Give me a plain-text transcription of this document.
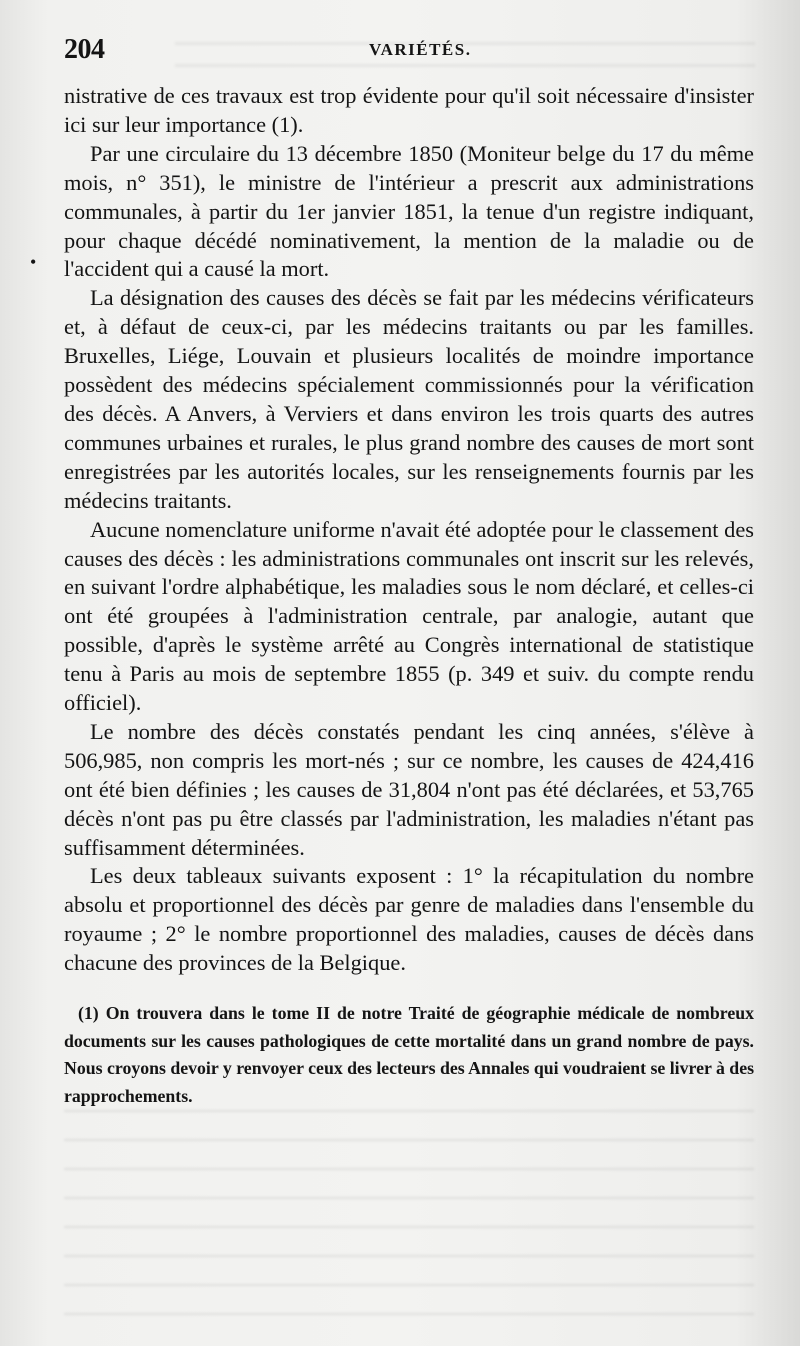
204	VARIÉTÉS.
•

nistrative de ces travaux est trop évidente pour qu'il soit nécessaire d'insister ici sur leur importance (1).

Par une circulaire du 13 décembre 1850 (Moniteur belge du 17 du même mois, n° 351), le ministre de l'intérieur a prescrit aux administrations communales, à partir du 1er janvier 1851, la tenue d'un registre indiquant, pour chaque décédé nominativement, la mention de la maladie ou de l'accident qui a causé la mort.

La désignation des causes des décès se fait par les médecins vérificateurs et, à défaut de ceux-ci, par les médecins traitants ou par les familles. Bruxelles, Liége, Louvain et plusieurs localités de moindre importance possèdent des médecins spécialement commissionnés pour la vérification des décès. A Anvers, à Verviers et dans environ les trois quarts des autres communes urbaines et rurales, le plus grand nombre des causes de mort sont enregistrées par les autorités locales, sur les renseignements fournis par les médecins traitants.

Aucune nomenclature uniforme n'avait été adoptée pour le classement des causes des décès : les administrations communales ont inscrit sur les relevés, en suivant l'ordre alphabétique, les maladies sous le nom déclaré, et celles-ci ont été groupées à l'administration centrale, par analogie, autant que possible, d'après le système arrêté au Congrès international de statistique tenu à Paris au mois de septembre 1855 (p. 349 et suiv. du compte rendu officiel).

Le nombre des décès constatés pendant les cinq années, s'élève à 506,985, non compris les mort-nés ; sur ce nombre, les causes de 424,416 ont été bien définies ; les causes de 31,804 n'ont pas été déclarées, et 53,765 décès n'ont pas pu être classés par l'administration, les maladies n'étant pas suffisamment déterminées.

Les deux tableaux suivants exposent : 1° la récapitulation du nombre absolu et proportionnel des décès par genre de maladies dans l'ensemble du royaume ; 2° le nombre proportionnel des maladies, causes de décès dans chacune des provinces de la Belgique.

(1) On trouvera dans le tome II de notre Traité de géographie médicale de nombreux documents sur les causes pathologiques de cette mortalité dans un grand nombre de pays. Nous croyons devoir y renvoyer ceux des lecteurs des Annales qui voudraient se livrer à des rapprochements.
